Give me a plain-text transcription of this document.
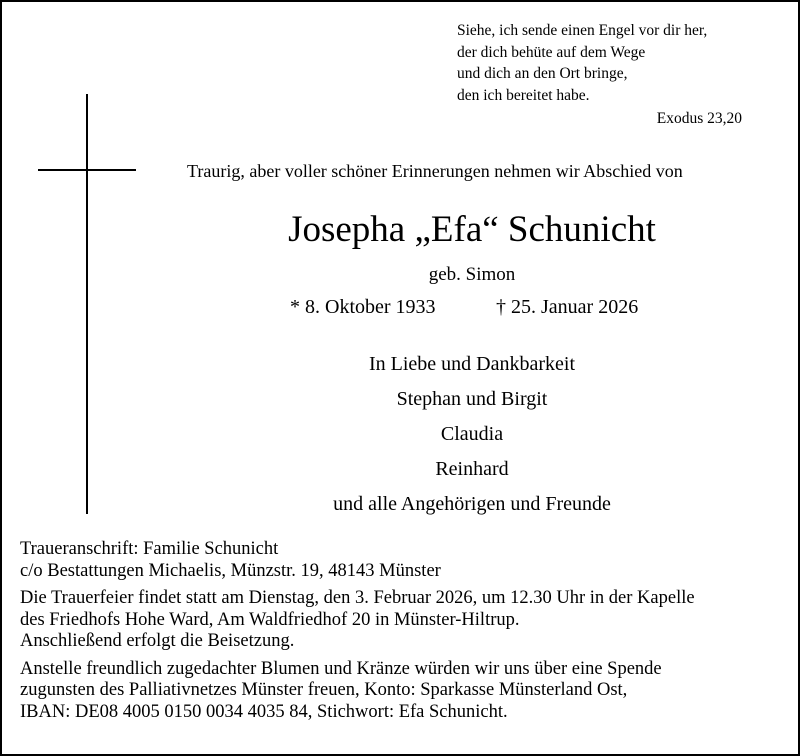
Siehe, ich sende einen Engel vor dir her,
der dich behüte auf dem Wege
und dich an den Ort bringe,
den ich bereitet habe.
Exodus 23,20
Traurig, aber voller schöner Erinnerungen nehmen wir Abschied von
Josepha „Efa“ Schunicht
geb. Simon
* 8. Oktober 1933	† 25. Januar 2026
In Liebe und Dankbarkeit
Stephan und Birgit
Claudia
Reinhard
und alle Angehörigen und Freunde
Traueranschrift: Familie Schunicht
c/o Bestattungen Michaelis, Münzstr. 19, 48143 Münster
Die Trauerfeier findet statt am Dienstag, den 3. Februar 2026, um 12.30 Uhr in der Kapelle
des Friedhofs Hohe Ward, Am Waldfriedhof 20 in Münster-Hiltrup.
Anschließend erfolgt die Beisetzung.
Anstelle freundlich zugedachter Blumen und Kränze würden wir uns über eine Spende
zugunsten des Palliativnetzes Münster freuen, Konto: Sparkasse Münsterland Ost,
IBAN: DE08 4005 0150 0034 4035 84, Stichwort: Efa Schunicht.
